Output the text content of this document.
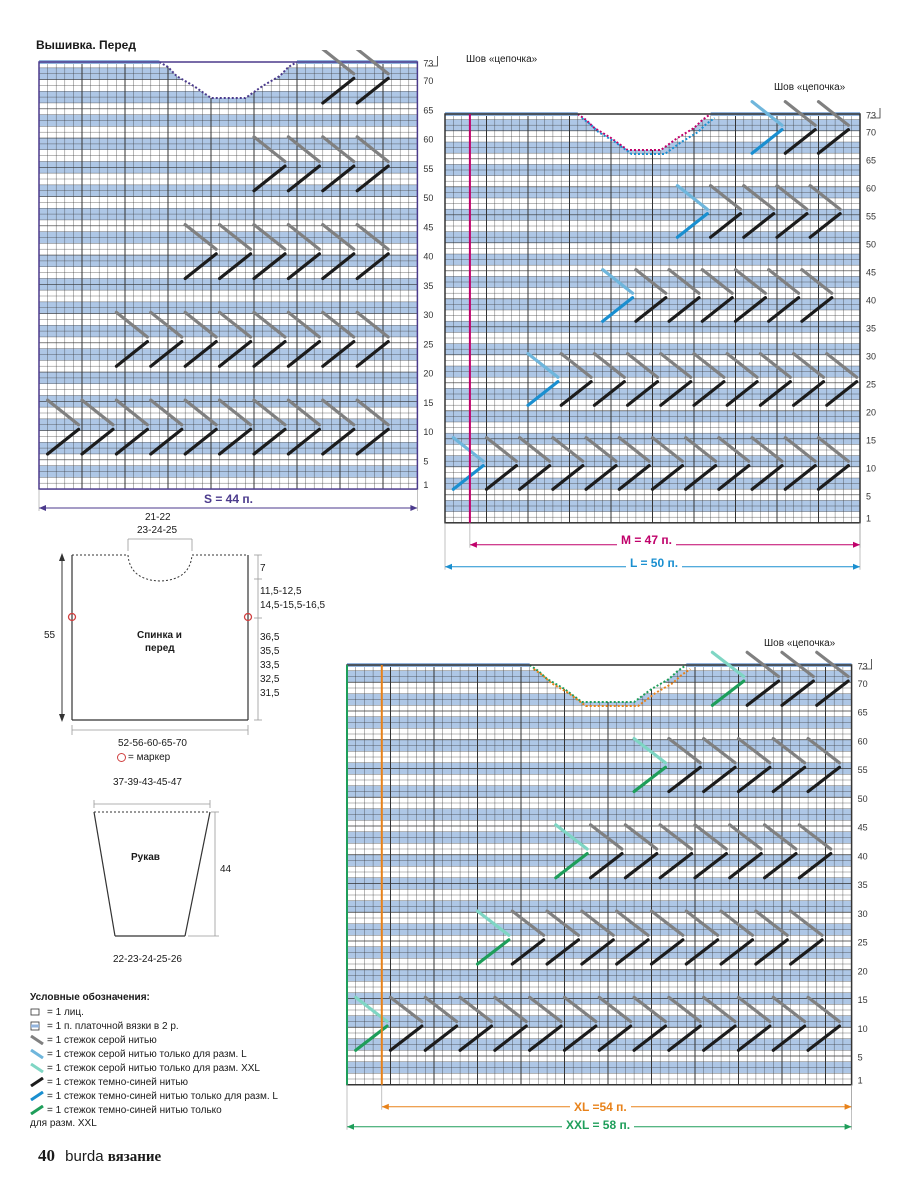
Вышивка. Перед
73
70
65
60
55
50
45
40
35
30
25
20
15
10
5
1
Шов «цепочка»
S = 44 п.
73
70
65
60
55
50
45
40
35
30
25
20
15
10
5
1
Шов «цепочка»
M = 47 п.
L = 50 п.
73
70
65
60
55
50
45
40
35
30
25
20
15
10
5
1
Шов «цепочка»
XL =54 п.
XXL = 58 п.
21-22
23-24-25
55
7
11,5-12,5
14,5-15,5-16,5
36,5
35,5
33,5
32,5
31,5
Спинка и
перед
52-56-60-65-70
= маркер
37-39-43-45-47
Рукав
44
22-23-24-25-26
Условные обозначения:
= 1 лиц.
= 1 п. платочной вязки в 2 р.
= 1 стежок серой нитью
= 1 стежок серой нитью только для разм. L
= 1 стежок серой нитью только для разм. XXL
= 1 стежок темно-синей нитью
= 1 стежок темно-синей нитью только для разм. L
= 1 стежок темно-синей нитью только
для разм. XXL
40 burda вязание
